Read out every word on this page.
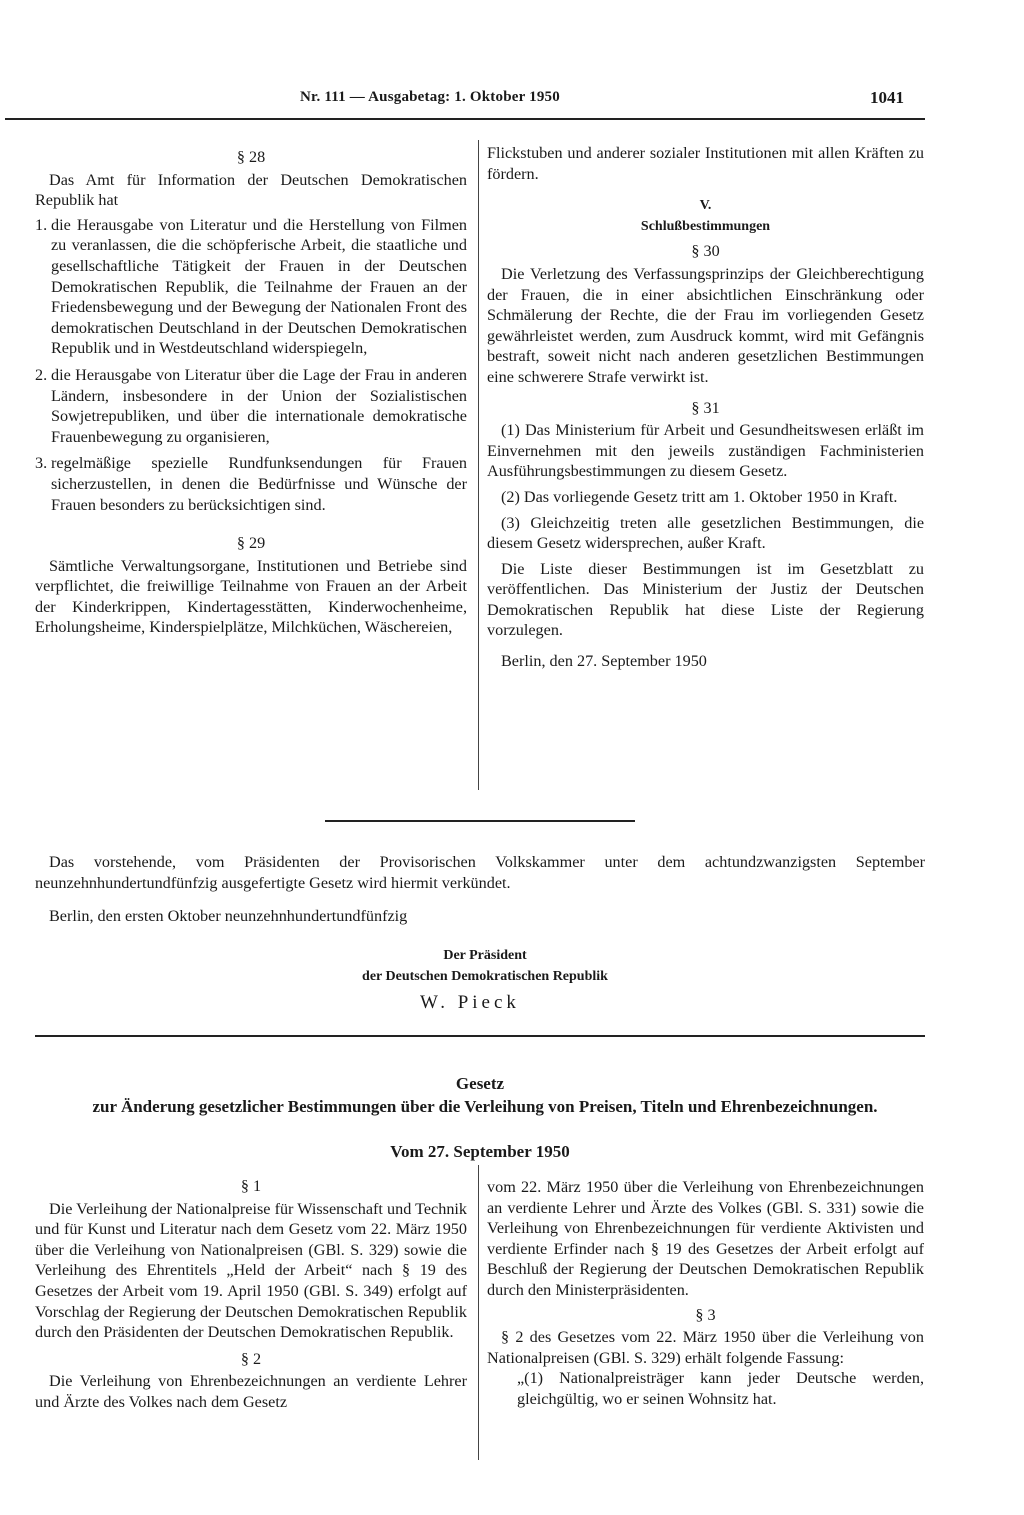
Nr. 111 — Ausgabetag: 1. Oktober 1950	1041

§ 28

Das Amt für Information der Deutschen Demokratischen Republik hat

1. die Herausgabe von Literatur und die Herstellung von Filmen zu veranlassen, die die schöpferische Arbeit, die staatliche und gesellschaftliche Tätigkeit der Frauen in der Deutschen Demokratischen Republik, die Teilnahme der Frauen an der Friedensbewegung und der Bewegung der Nationalen Front des demokratischen Deutschland in der Deutschen Demokratischen Republik und in Westdeutschland widerspiegeln,
2. die Herausgabe von Literatur über die Lage der Frau in anderen Ländern, insbesondere in der Union der Sozialistischen Sowjetrepubliken, und über die internationale demokratische Frauenbewegung zu organisieren,
3. regelmäßige spezielle Rundfunksendungen für Frauen sicherzustellen, in denen die Bedürfnisse und Wünsche der Frauen besonders zu berücksichtigen sind.

§ 29

Sämtliche Verwaltungsorgane, Institutionen und Betriebe sind verpflichtet, die freiwillige Teilnahme von Frauen an der Arbeit der Kinderkrippen, Kindertagesstätten, Kinderwochenheime, Erholungsheime, Kinderspielplätze, Milchküchen, Wäschereien,

Flickstuben und anderer sozialer Institutionen mit allen Kräften zu fördern.

V.

Schlußbestimmungen

§ 30

Die Verletzung des Verfassungsprinzips der Gleichberechtigung der Frauen, die in einer absichtlichen Einschränkung oder Schmälerung der Rechte, die der Frau im vorliegenden Gesetz gewährleistet werden, zum Ausdruck kommt, wird mit Gefängnis bestraft, soweit nicht nach anderen gesetzlichen Bestimmungen eine schwerere Strafe verwirkt ist.

§ 31

(1) Das Ministerium für Arbeit und Gesundheitswesen erläßt im Einvernehmen mit den jeweils zuständigen Fachministerien Ausführungsbestimmungen zu diesem Gesetz.

(2) Das vorliegende Gesetz tritt am 1. Oktober 1950 in Kraft.

(3) Gleichzeitig treten alle gesetzlichen Bestimmungen, die diesem Gesetz widersprechen, außer Kraft.

Die Liste dieser Bestimmungen ist im Gesetzblatt zu veröffentlichen. Das Ministerium der Justiz der Deutschen Demokratischen Republik hat diese Liste der Regierung vorzulegen.

Berlin, den 27. September 1950

Das vorstehende, vom Präsidenten der Provisorischen Volkskammer unter dem achtundzwanzigsten September neunzehnhundertundfünfzig ausgefertigte Gesetz wird hiermit verkündet.
Berlin, den ersten Oktober neunzehnhundertundfünfzig
Der Präsident
der Deutschen Demokratischen Republik
W. Pieck
Gesetz
zur Änderung gesetzlicher Bestimmungen über die Verleihung von Preisen, Titeln und Ehrenbezeichnungen.
Vom 27. September 1950

§ 1

Die Verleihung der Nationalpreise für Wissenschaft und Technik und für Kunst und Literatur nach dem Gesetz vom 22. März 1950 über die Verleihung von Nationalpreisen (GBl. S. 329) sowie die Verleihung des Ehrentitels „Held der Arbeit“ nach § 19 des Gesetzes der Arbeit vom 19. April 1950 (GBl. S. 349) erfolgt auf Vorschlag der Regierung der Deutschen Demokratischen Republik durch den Präsidenten der Deutschen Demokratischen Republik.

§ 2

Die Verleihung von Ehrenbezeichnungen an verdiente Lehrer und Ärzte des Volkes nach dem Gesetz

vom 22. März 1950 über die Verleihung von Ehrenbezeichnungen an verdiente Lehrer und Ärzte des Volkes (GBl. S. 331) sowie die Verleihung von Ehrenbezeichnungen für verdiente Aktivisten und verdiente Erfinder nach § 19 des Gesetzes der Arbeit erfolgt auf Beschluß der Regierung der Deutschen Demokratischen Republik durch den Ministerpräsidenten.

§ 3

§ 2 des Gesetzes vom 22. März 1950 über die Verleihung von Nationalpreisen (GBl. S. 329) erhält folgende Fassung:

„(1) Nationalpreisträger kann jeder Deutsche werden, gleichgültig, wo er seinen Wohnsitz hat.
